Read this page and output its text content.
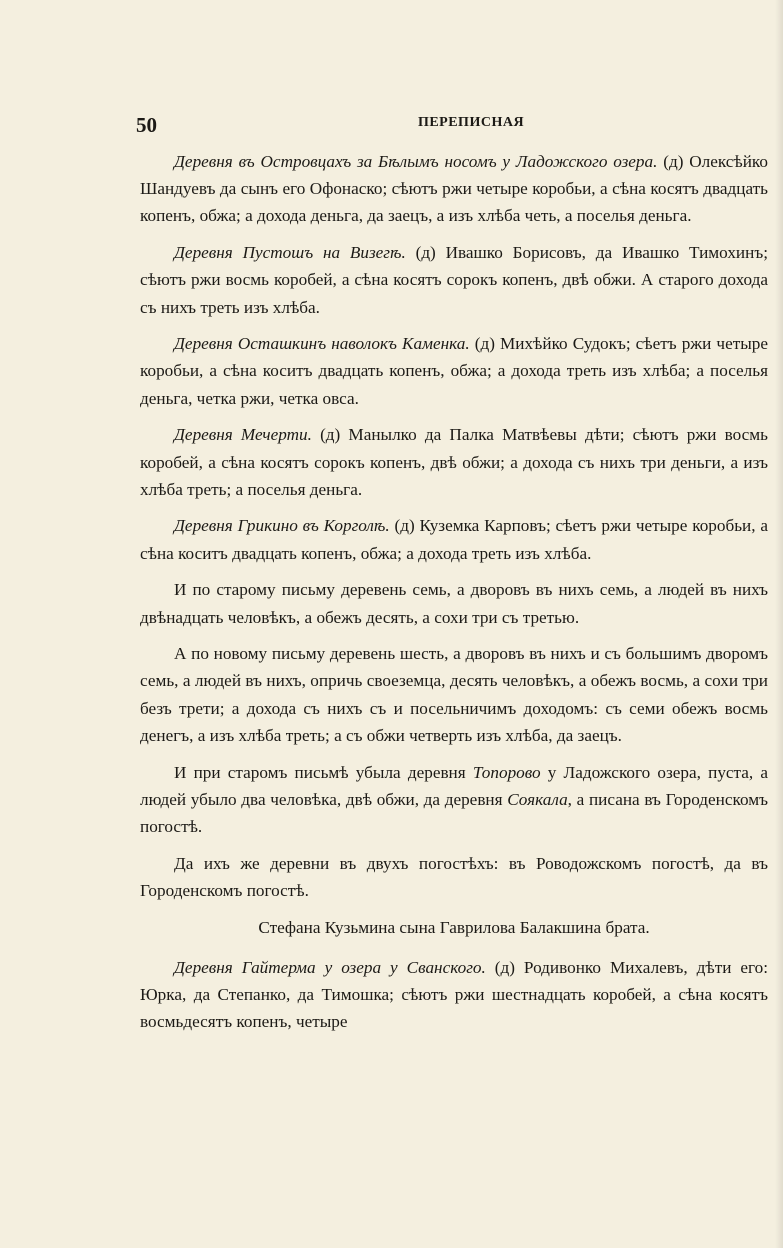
50	ПЕРЕПИСНАЯ

Деревня въ Островцахъ за Бѣлымъ носомъ у Ладожского озера. (д) Олексѣйко Шандуевъ да сынъ его Офонаско; сѣютъ ржи четыре коробьи, а сѣна косятъ двадцать копенъ, обжа; а дохода деньга, да заецъ, а изъ хлѣба четь, а поселья деньга.

Деревня Пустошъ на Визегѣ. (д) Ивашко Борисовъ, да Ивашко Тимохинъ; сѣютъ ржи восмь коробей, а сѣна косятъ сорокъ копенъ, двѣ обжи. А старого дохода съ нихъ треть изъ хлѣба.

Деревня Осташкинъ наволокъ Каменка. (д) Михѣйко Судокъ; сѣетъ ржи четыре коробьи, а сѣна коситъ двадцать копенъ, обжа; а дохода треть изъ хлѣба; а поселья деньга, четка ржи, четка овса.

Деревня Мечерти. (д) Манылко да Палка Матвѣевы дѣти; сѣютъ ржи восмь коробей, а сѣна косятъ сорокъ копенъ, двѣ обжи; а дохода съ нихъ три деньги, а изъ хлѣба треть; а поселья деньга.

Деревня Грикино въ Корголѣ. (д) Куземка Карповъ; сѣетъ ржи четыре коробьи, а сѣна коситъ двадцать копенъ, обжа; а дохода треть изъ хлѣба.

И по старому письму деревень семь, а дворовъ въ нихъ семь, а людей въ нихъ двѣнадцать человѣкъ, а обежъ десять, а сохи три съ третью.

А по новому письму деревень шесть, а дворовъ въ нихъ и съ большимъ дворомъ семь, а людей въ нихъ, опричь своеземца, десять человѣкъ, а обежъ восмь, а сохи три безъ трети; а дохода съ нихъ съ и посельничимъ доходомъ: съ семи обежъ восмь денегъ, а изъ хлѣба треть; а съ обжи четверть изъ хлѣба, да заецъ.

И при старомъ письмѣ убыла деревня Топорово у Ладожского озера, пуста, а людей убыло два человѣка, двѣ обжи, да деревня Соякала, а писана въ Городенскомъ погостѣ.

Да ихъ же деревни въ двухъ погостѣхъ: въ Роводожскомъ погостѣ, да въ Городенскомъ погостѣ.

Стефана Кузьмина сына Гаврилова Балакшина брата.

Деревня Гайтерма у озера у Сванского. (д) Родивонко Михалевъ, дѣти его: Юрка, да Степанко, да Тимошка; сѣютъ ржи шестнадцать коробей, а сѣна косятъ восмьдесятъ копенъ, четыре
